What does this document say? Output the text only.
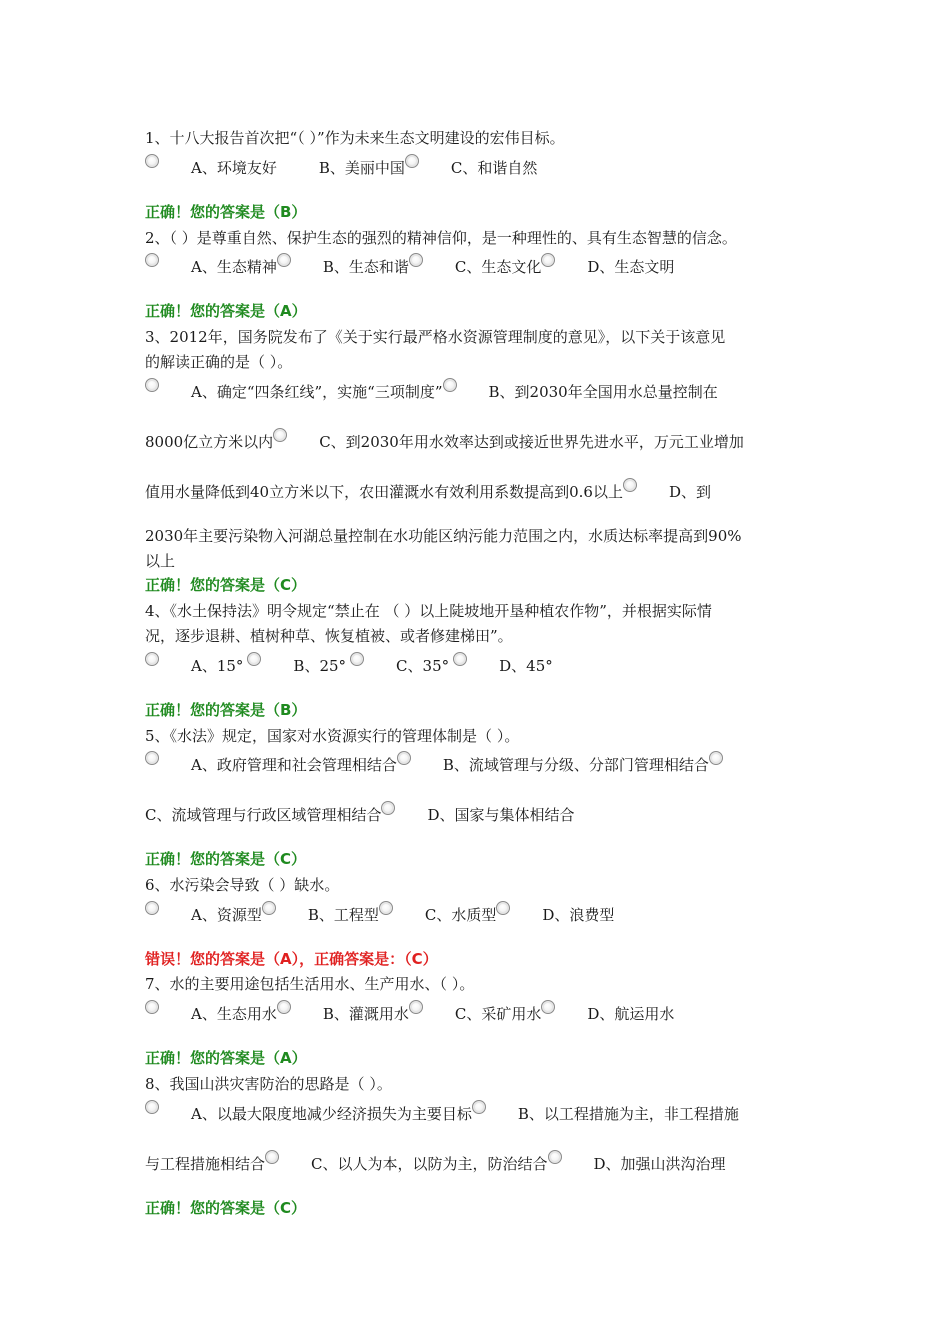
1、十八大报告首次把“（ ）”作为未来生态文明建设的宏伟目标。
A、环境友好	B、美丽中国	C、和谐自然
正确！您的答案是（B）
2、（ ）是尊重自然、保护生态的强烈的精神信仰，是一种理性的、具有生态智慧的信念。
A、生态精神	B、生态和谐	C、生态文化	D、生态文明
正确！您的答案是（A）
3、2012年，国务院发布了《关于实行最严格水资源管理制度的意见》，以下关于该意见
的解读正确的是（ ）。
A、确定“四条红线”，实施“三项制度”	B、到2030年全国用水总量控制在
8000亿立方米以内	C、到2030年用水效率达到或接近世界先进水平，万元工业增加
值用水量降低到40立方米以下，农田灌溉水有效利用系数提高到0.6以上	D、到
2030年主要污染物入河湖总量控制在水功能区纳污能力范围之内，水质达标率提高到90%
以上
正确！您的答案是（C）
4、《水土保持法》明令规定“禁止在 （ ）以上陡坡地开垦种植农作物”，并根据实际情
况，逐步退耕、植树种草、恢复植被、或者修建梯田”。
A、15°	B、25°	C、35°	D、45°
正确！您的答案是（B）
5、《水法》规定，国家对水资源实行的管理体制是（ ）。
A、政府管理和社会管理相结合	B、流域管理与分级、分部门管理相结合
C、流域管理与行政区域管理相结合	D、国家与集体相结合
正确！您的答案是（C）
6、水污染会导致（ ）缺水。
A、资源型	B、工程型	C、水质型	D、浪费型
错误！您的答案是（A），正确答案是：（C）
7、水的主要用途包括生活用水、生产用水、（ ）。
A、生态用水	B、灌溉用水	C、采矿用水	D、航运用水
正确！您的答案是（A）
8、我国山洪灾害防治的思路是（ ）。
A、以最大限度地减少经济损失为主要目标	B、以工程措施为主，非工程措施
与工程措施相结合	C、以人为本，以防为主，防治结合	D、加强山洪沟治理
正确！您的答案是（C）
